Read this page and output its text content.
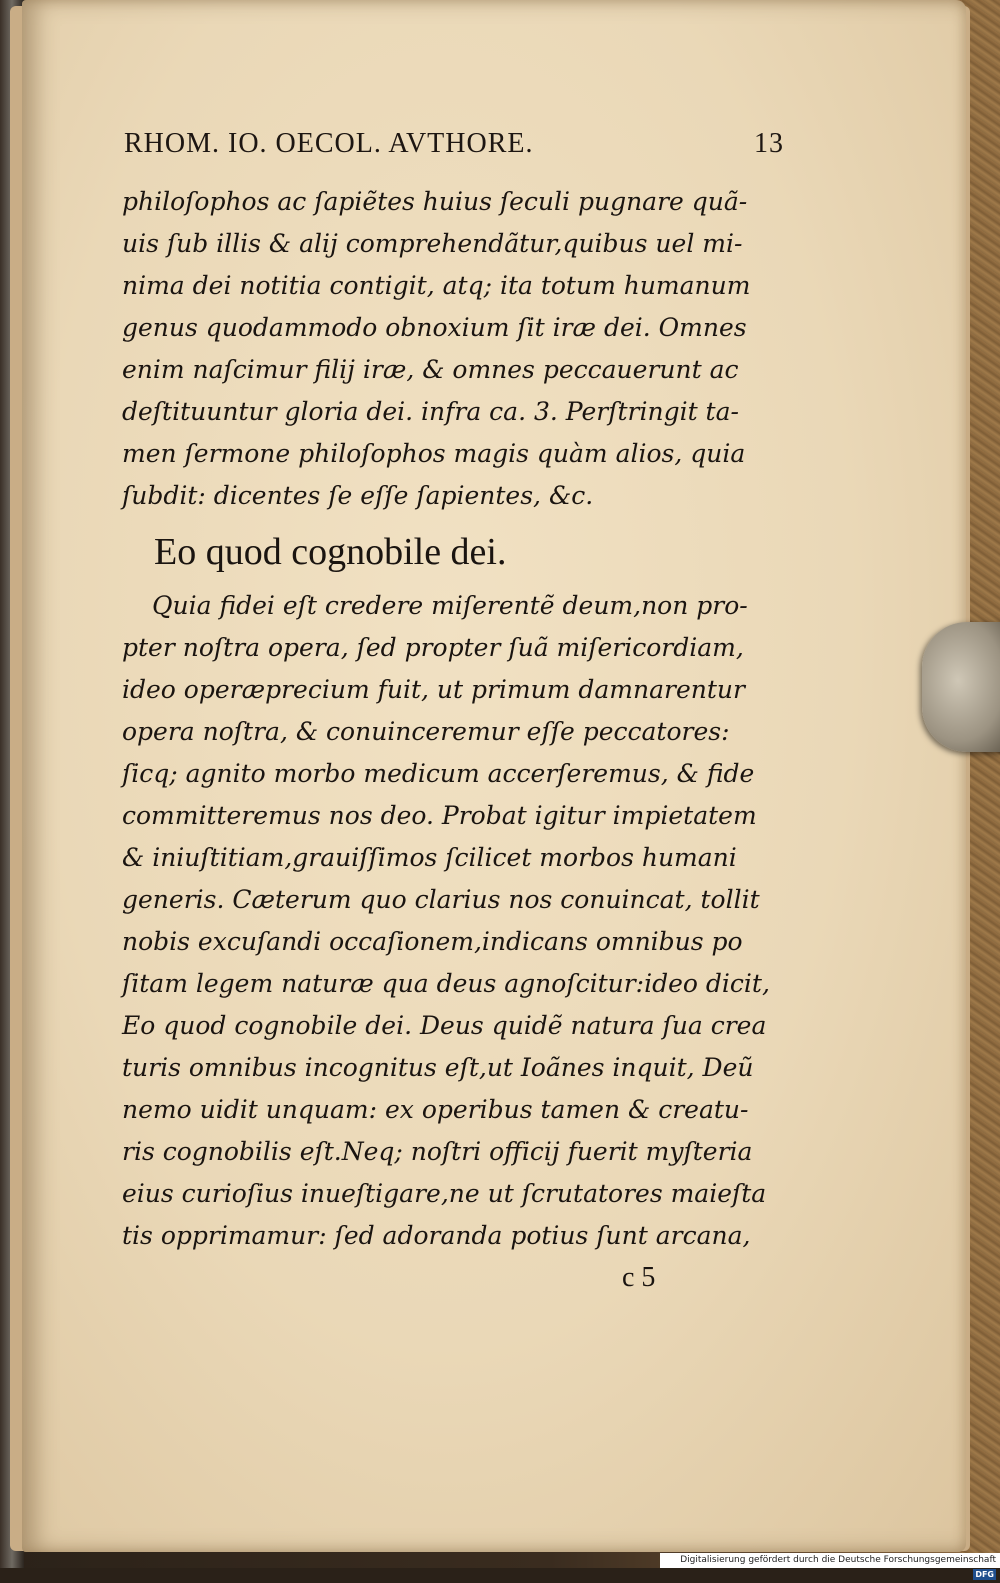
RHOM. IO. OECOL. AVTHORE.	13
philoſophos ac ſapiẽtes huius ſeculi pugnare quã-
uis ſub illis & alij comprehendãtur,quibus uel mi-
nima dei notitia contigit, atq; ita totum humanum
genus quodammodo obnoxium ſit iræ dei. Omnes
enim naſcimur filij iræ, & omnes peccauerunt ac
deſtituuntur gloria dei. infra ca. 3. Perſtringit ta-
men ſermone philoſophos magis quàm alios, quia
ſubdit: dicentes ſe eſſe ſapientes, &c.
Eo quod cognobile dei.
Quia fidei eſt credere miſerentẽ deum,non pro-
pter noſtra opera, ſed propter ſuã miſericordiam,
ideo operæprecium fuit, ut primum damnarentur
opera noſtra, & conuinceremur eſſe peccatores:
ſicq; agnito morbo medicum accerſeremus, & fide
committeremus nos deo. Probat igitur impietatem
& iniuſtitiam,grauiſſimos ſcilicet morbos humani
generis. Cæterum quo clarius nos conuincat, tollit
nobis excuſandi occaſionem,indicans omnibus po
ſitam legem naturæ qua deus agnoſcitur:ideo dicit,
Eo quod cognobile dei. Deus quidẽ natura ſua crea
turis omnibus incognitus eſt,ut Ioãnes inquit, Deũ
nemo uidit unquam: ex operibus tamen & creatu-
ris cognobilis eſt.Neq; noſtri officij fuerit myſteria
eius curioſius inueſtigare,ne ut ſcrutatores maieſta
tis opprimamur: ſed adoranda potius ſunt arcana,
c 5
Digitalisierung gefördert durch die Deutsche Forschungsgemeinschaft DFG
